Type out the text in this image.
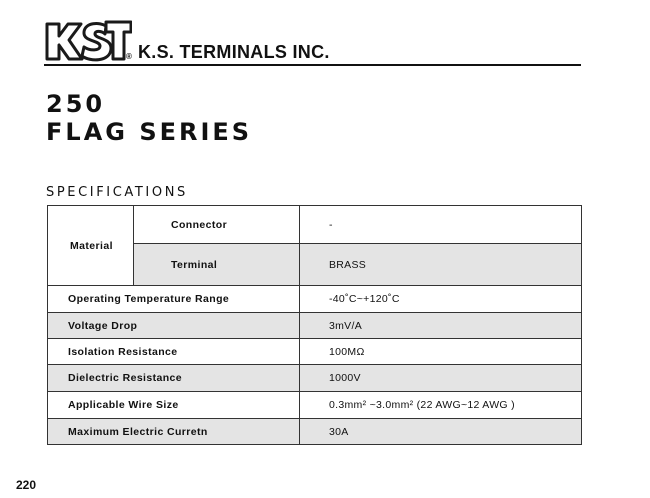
® K.S. TERMINALS INC.
250
FLAG SERIES
SPECIFICATIONS
Material	Connector	-
	Terminal	BRASS
Operating Temperature Range		-40˚C~+120˚C
Voltage Drop		3mV/A
Isolation Resistance		100MΩ
Dielectric Resistance		1000V
Applicable Wire Size		0.3mm² ~3.0mm² (22 AWG~12 AWG )
Maximum Electric Curretn		30A
220
